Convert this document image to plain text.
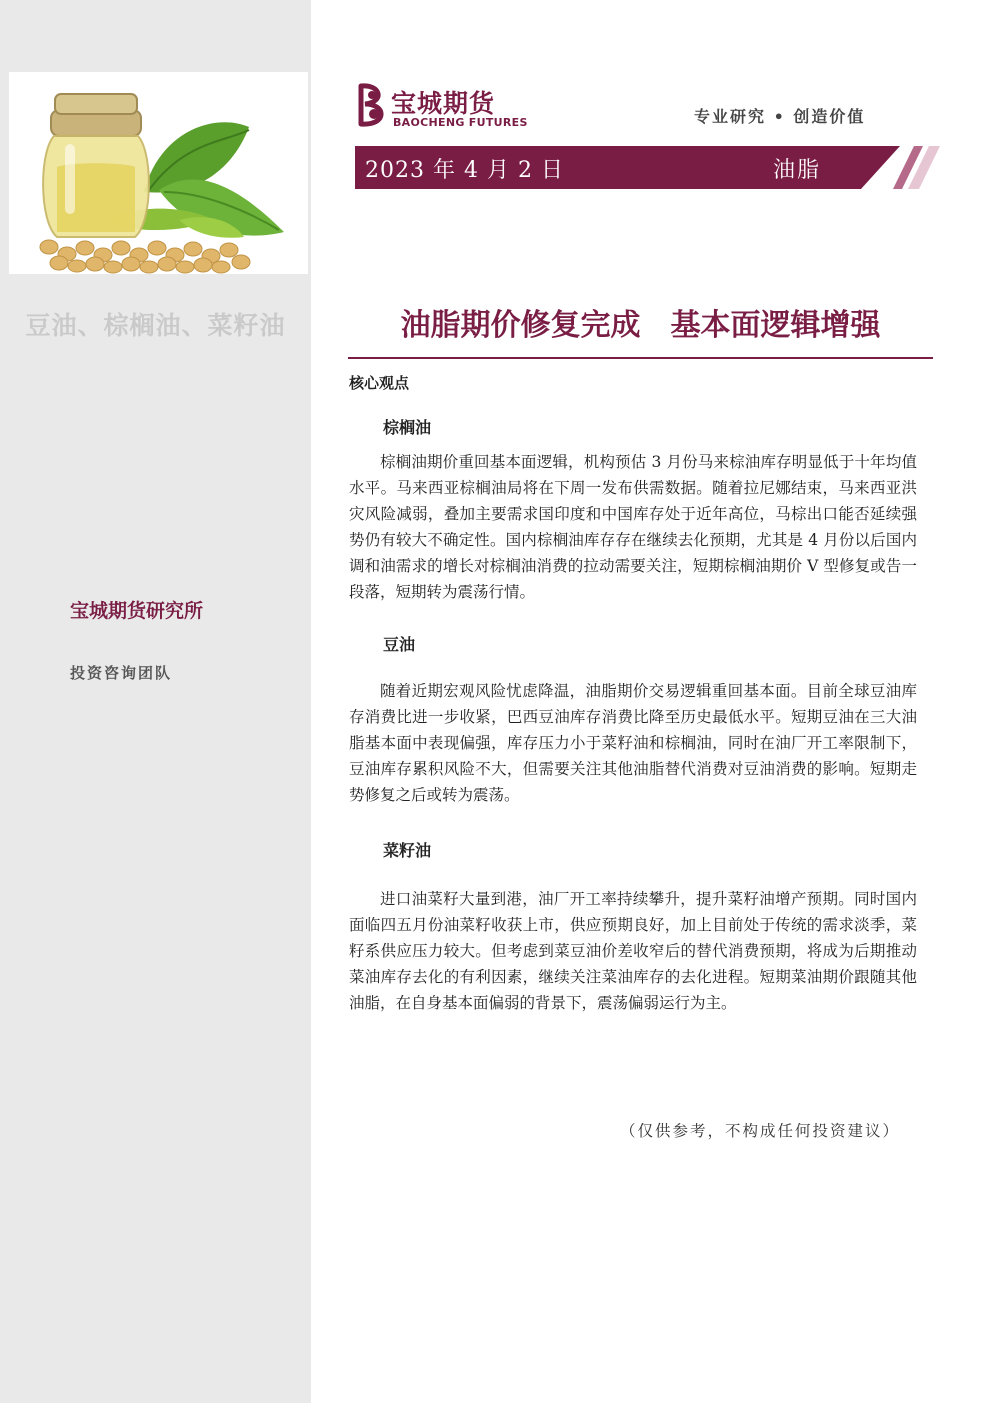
豆油、棕榈油、菜籽油
宝城期货研究所
投资咨询团队
宝城期货
BAOCHENG FUTURES	专业研究 • 创造价值
2023 年 4 月 2 日	油脂
油脂期价修复完成　基本面逻辑增强
核心观点
棕榈油

棕榈油期价重回基本面逻辑，机构预估 3 月份马来棕油库存明显低于十年均值水平。马来西亚棕榈油局将在下周一发布供需数据。随着拉尼娜结束，马来西亚洪灾风险减弱，叠加主要需求国印度和中国库存处于近年高位，马棕出口能否延续强势仍有较大不确定性。国内棕榈油库存存在继续去化预期，尤其是 4 月份以后国内调和油需求的增长对棕榈油消费的拉动需要关注，短期棕榈油期价 V 型修复或告一段落，短期转为震荡行情。

豆油

随着近期宏观风险忧虑降温，油脂期价交易逻辑重回基本面。目前全球豆油库存消费比进一步收紧，巴西豆油库存消费比降至历史最低水平。短期豆油在三大油脂基本面中表现偏强，库存压力小于菜籽油和棕榈油，同时在油厂开工率限制下，豆油库存累积风险不大，但需要关注其他油脂替代消费对豆油消费的影响。短期走势修复之后或转为震荡。

菜籽油

进口油菜籽大量到港，油厂开工率持续攀升，提升菜籽油增产预期。同时国内面临四五月份油菜籽收获上市，供应预期良好，加上目前处于传统的需求淡季，菜籽系供应压力较大。但考虑到菜豆油价差收窄后的替代消费预期，将成为后期推动菜油库存去化的有利因素，继续关注菜油库存的去化进程。短期菜油期价跟随其他油脂，在自身基本面偏弱的背景下，震荡偏弱运行为主。

（仅供参考，不构成任何投资建议）
